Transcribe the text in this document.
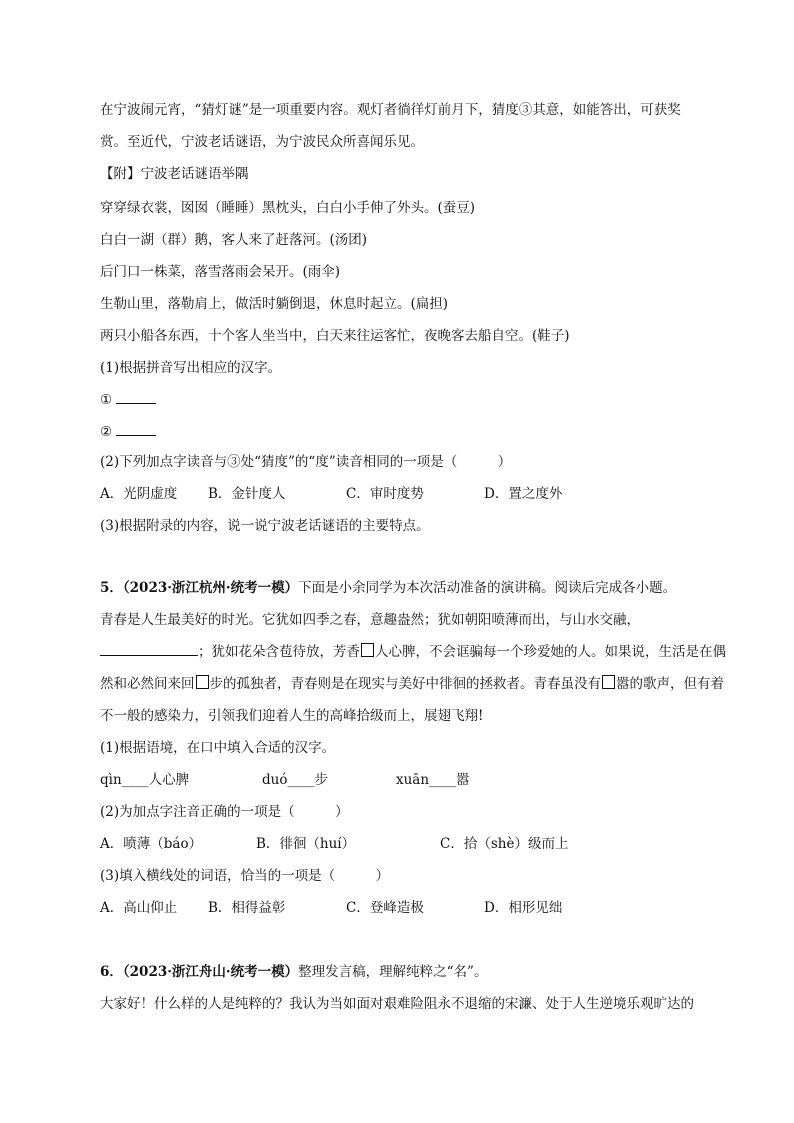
在宁波闹元宵，“猜灯谜”是一项重要内容。观灯者徜徉灯前月下，猜度③其意，如能答出，可获奖
赏。至近代，宁波老话谜语，为宁波民众所喜闻乐见。
【附】宁波老话谜语举隅
穿穿绿衣裳，囡囡（睡睡）黑枕头，白白小手伸了外头。(蚕豆)
白白一湖（群）鹅，客人来了赶落河。(汤团)
后门口一株菜，落雪落雨会呆开。(雨伞)
生勒山里，落勒肩上，做活时躺倒退，休息时起立。(扁担)
两只小船各东西，十个客人坐当中，白天来往运客忙，夜晚客去船自空。(鞋子)
(1)根据拼音写出相应的汉字。
①
②
(2)下列加点字读音与③处“猜度”的“度”读音相同的一项是（　　　）
A．光阴虚度 B．金针度人	C．审时度势	D．置之度外
(3)根据附录的内容，说一说宁波老话谜语的主要特点。
5．（2023·浙江杭州·统考一模）下面是小余同学为本次活动准备的演讲稿。阅读后完成各小题。
青春是人生最美好的时光。它犹如四季之春，意趣盎然；犹如朝阳喷薄而出，与山水交融，
；犹如花朵含苞待放，芳香 人心脾，不会诓骗每一个珍爱她的人。如果说，生活是在偶
然和必然间来回 步的孤独者，青春则是在现实与美好中徘徊的拯救者。青春虽没有 嚣的歌声，但有着
不一般的感染力，引领我们迎着人生的高峰拾级而上，展翅飞翔!
(1)根据语境，在口中填入合适的汉字。
qìn____人心脾	duó____步	xuān____嚣
(2)为加点字注音正确的一项是（　　　）
A．喷薄（báo）	B．徘徊（huí）	C．拾（shè）级而上
(3)填入横线处的词语，恰当的一项是（　　　）
A．高山仰止 B．相得益彰	C．登峰造极	D．相形见绌
6．（2023·浙江舟山·统考一模）整理发言稿，理解纯粹之“名”。
大家好！什么样的人是纯粹的？我认为当如面对艰难险阻永不退缩的宋濂、处于人生逆境乐观旷达的
